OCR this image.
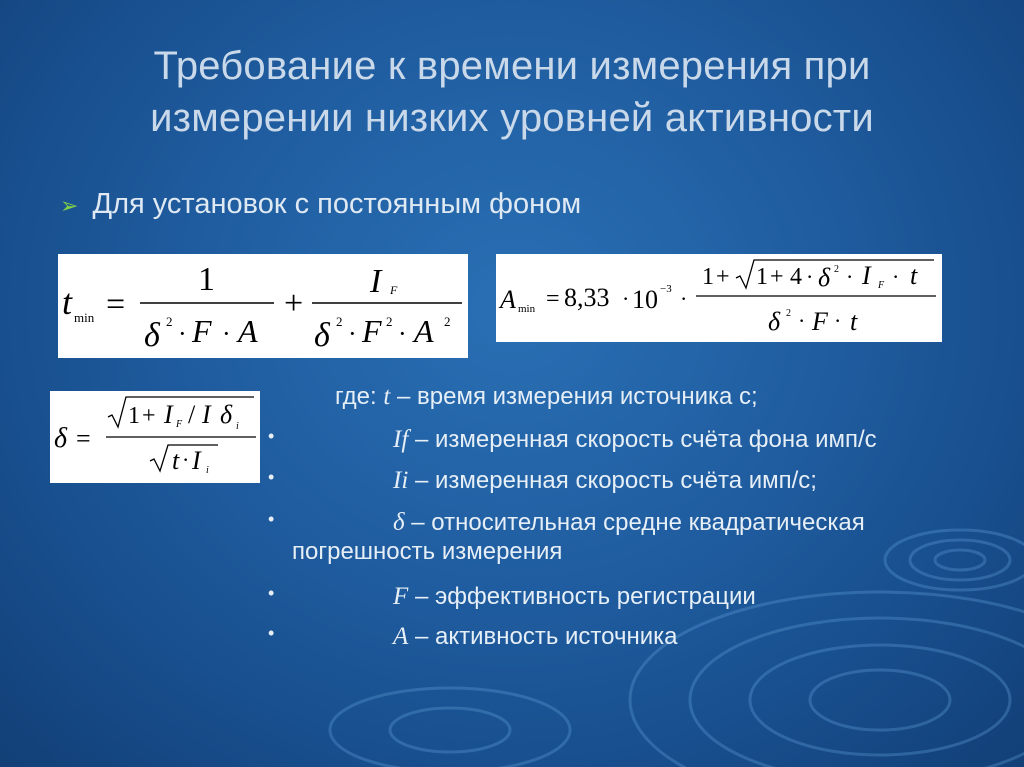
Требование к времени измерения при
измерении низких уровней активности
➢ Для установок с постоянным фоном
t min =
1
δ 2 · F · A
+
I F
δ 2 · F 2 · A 2
A min = 8,33 · 10 −3 ·
1 + 1 + 4 · δ 2 · I F · t
δ 2 · F · t
δ =
1 + I F / I δ i
t · I i
где: t – время измерения источника с;
•	If – измеренная скорость счёта фона имп/с
•	Ii – измеренная скорость счёта имп/с;
•	δ – относительная средне квадратическая
погрешность измерения
•	F – эффективность регистрации
•	A – активность источника
